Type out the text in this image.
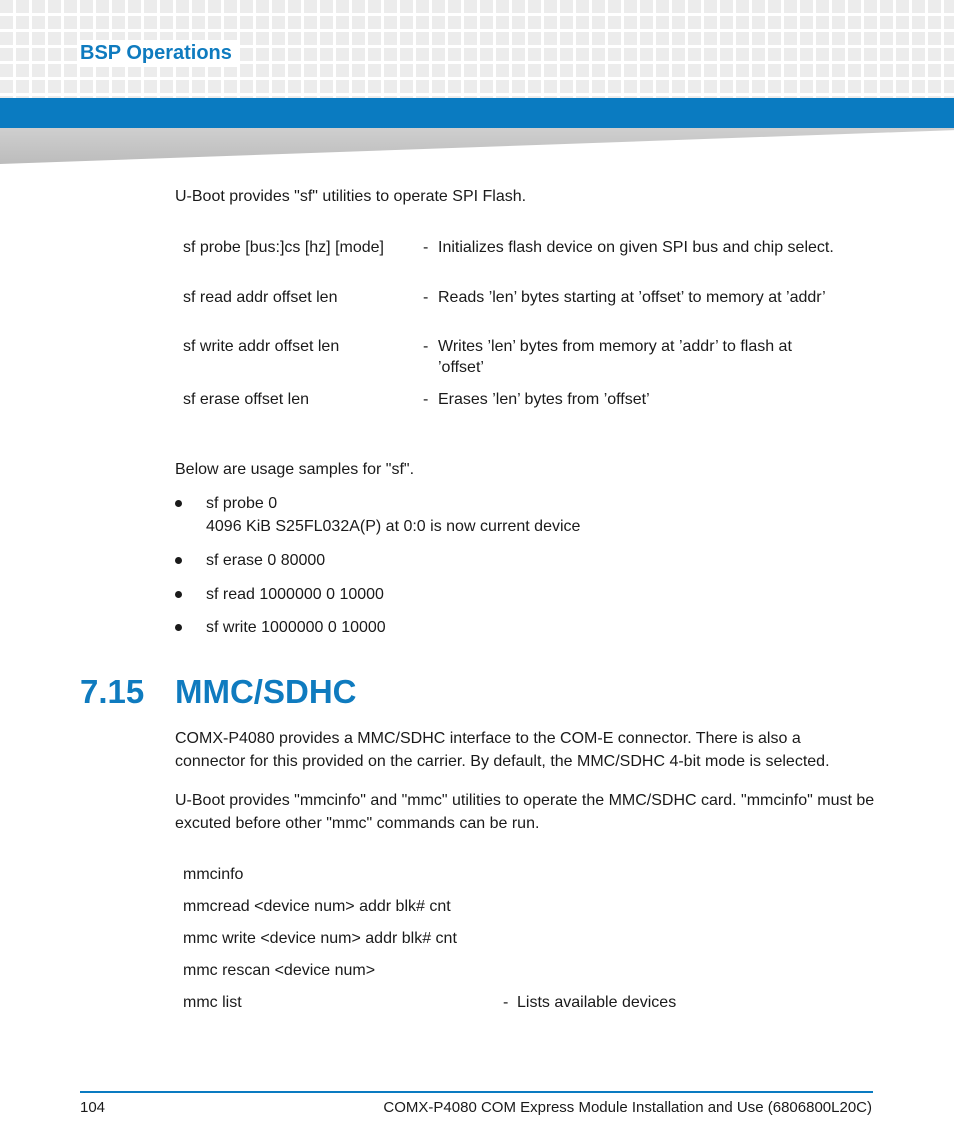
BSP Operations

U-Boot provides "sf" utilities to operate SPI Flash.

sf probe [bus:]cs [hz] [mode] - Initializes flash device on given SPI bus and chip select.
sf read addr offset len	- Reads ’len’ bytes starting at ’offset’ to memory at ’addr’
sf write addr offset len	- Writes ’len’ bytes from memory at ’addr’ to flash at ’offset’
sf erase offset len	- Erases ’len’ bytes from ’offset’

Below are usage samples for "sf".

sf probe 0
4096 KiB S25FL032A(P) at 0:0 is now current device
sf erase 0 80000
sf read 1000000 0 10000
sf write 1000000 0 10000
7.15 MMC/SDHC

COMX-P4080 provides a MMC/SDHC interface to the COM-E connector. There is also a connector for this provided on the carrier. By default, the MMC/SDHC 4-bit mode is selected.

U-Boot provides "mmcinfo" and "mmc" utilities to operate the MMC/SDHC card. "mmcinfo" must be excuted before other "mmc" commands can be run.

mmcinfo
mmcread <device num> addr blk# cnt
mmc write <device num> addr blk# cnt
mmc rescan <device num>
mmc list	- Lists available devices
104	COMX-P4080 COM Express Module Installation and Use (6806800L20C)
